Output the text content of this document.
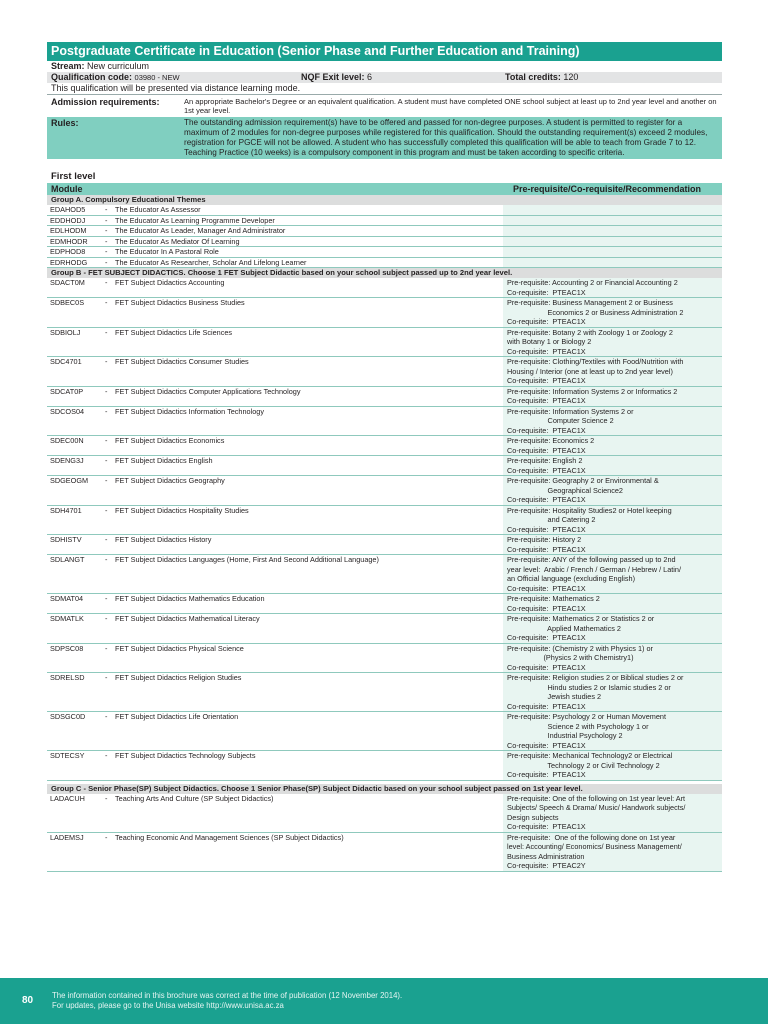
Postgraduate Certificate in Education (Senior Phase and Further Education and Training)
Stream: New curriculum
Qualification code: 03980 - NEW	NQF Exit level: 6	Total credits: 120
This qualification will be presented via distance learning mode.
Admission requirements:	An appropriate Bachelor's Degree or an equivalent qualification. A student must have completed ONE school subject at least up to 2nd year level and another on 1st year level.
Rules:	The outstanding admission requirement(s) have to be offered and passed for non-degree purposes. A student is permitted to register for a maximum of 2 modules for non-degree purposes while registered for this qualification. Should the outstanding requirement(s) exceed 2 modules, registration for PGCE will not be allowed. A student who has successfully completed this qualification will be able to teach from Grade 7 to 12. Teaching Practice (10 weeks) is a compulsory component in this program and must be taken according to specific criteria.
First level
Module	Pre-requisite/Co-requisite/Recommendation
Group A. Compulsory Educational Themes
EDAHOD5	-	The Educator As Assessor
EDDHODJ	-	The Educator As Learning Programme Developer
EDLHODM	-	The Educator As Leader, Manager And Administrator
EDMHODR	-	The Educator As Mediator Of Learning
EDPHOD8	-	The Educator In A Pastoral Role
EDRHODG	-	The Educator As Researcher, Scholar And Lifelong Learner
Group B - FET SUBJECT DIDACTICS. Choose 1 FET Subject Didactic based on your school subject passed up to 2nd year level.
SDACT0M	-	FET Subject Didactics Accounting	Pre-requisite: Accounting 2 or Financial Accounting 2
Co-requisite:  PTEAC1X
SDBEC0S	-	FET Subject Didactics Business Studies	Pre-requisite: Business Management 2 or Business
Economics 2 or Business Administration 2
Co-requisite:  PTEAC1X
SDBIOLJ	-	FET Subject Didactics Life Sciences	Pre-requisite: Botany 2 with Zoology 1 or Zoology 2
with Botany 1 or Biology 2
Co-requisite:  PTEAC1X
SDC4701	-	FET Subject Didactics Consumer Studies	Pre-requisite: Clothing/Textiles with Food/Nutrition with
Housing / Interior (one at least up to 2nd year level)
Co-requisite:  PTEAC1X
SDCAT0P	-	FET Subject Didactics Computer Applications Technology	Pre-requisite: Information Systems 2 or Informatics 2
Co-requisite:  PTEAC1X
SDCOS04	-	FET Subject Didactics Information Technology	Pre-requisite: Information Systems 2 or
Computer Science 2
Co-requisite:  PTEAC1X
SDEC00N	-	FET Subject Didactics Economics	Pre-requisite: Economics 2
Co-requisite:  PTEAC1X
SDENG3J	-	FET Subject Didactics English	Pre-requisite: English 2
Co-requisite:  PTEAC1X
SDGEOGM	-	FET Subject Didactics Geography	Pre-requisite: Geography 2 or Environmental &
Geographical Science2
Co-requisite:  PTEAC1X
SDH4701	-	FET Subject Didactics Hospitality Studies	Pre-requisite: Hospitality Studies2 or Hotel keeping
and Catering 2
Co-requisite:  PTEAC1X
SDHISTV	-	FET Subject Didactics History	Pre-requisite: History 2
Co-requisite:  PTEAC1X
SDLANGT	-	FET Subject Didactics Languages (Home, First And Second Additional Language)	Pre-requisite: ANY of the following passed up to 2nd
year level:  Arabic / French / German / Hebrew / Latin/
an Official language (excluding English)
Co-requisite:  PTEAC1X
SDMAT04	-	FET Subject Didactics Mathematics Education	Pre-requisite: Mathematics 2
Co-requisite:  PTEAC1X
SDMATLK	-	FET Subject Didactics Mathematical Literacy	Pre-requisite: Mathematics 2 or Statistics 2 or
Applied Mathematics 2
Co-requisite:  PTEAC1X
SDPSC08	-	FET Subject Didactics Physical Science	Pre-requisite: (Chemistry 2 with Physics 1) or
(Physics 2 with Chemistry1)
Co-requisite:  PTEAC1X
SDRELSD	-	FET Subject Didactics Religion Studies	Pre-requisite: Religion studies 2 or Biblical studies 2 or
Hindu studies 2 or Islamic studies 2 or
Jewish studies 2
Co-requisite:  PTEAC1X
SDSGC0D	-	FET Subject Didactics Life Orientation	Pre-requisite: Psychology 2 or Human Movement
Science 2 with Psychology 1 or
Industrial Psychology 2
Co-requisite:  PTEAC1X
SDTECSY	-	FET Subject Didactics Technology Subjects	Pre-requisite: Mechanical Technology2 or Electrical
Technology 2 or Civil Technology 2
Co-requisite:  PTEAC1X
Group C - Senior Phase(SP) Subject Didactics. Choose 1 Senior Phase(SP) Subject Didactic based on your school subject passed on 1st year level.
LADACUH	-	Teaching Arts And Culture (SP Subject Didactics)	Pre-requisite: One of the following on 1st year level: Art
Subjects/ Speech & Drama/ Music/ Handwork subjects/
Design subjects
Co-requisite:  PTEAC1X
LADEMSJ	-	Teaching Economic And Management Sciences (SP Subject Didactics)	Pre-requisite:  One of the following done on 1st year
level: Accounting/ Economics/ Business Management/
Business Administration
Co-requisite:  PTEAC2Y
80 The information contained in this brochure was correct at the time of publication (12 November 2014).
For updates, please go to the Unisa website http://www.unisa.ac.za
